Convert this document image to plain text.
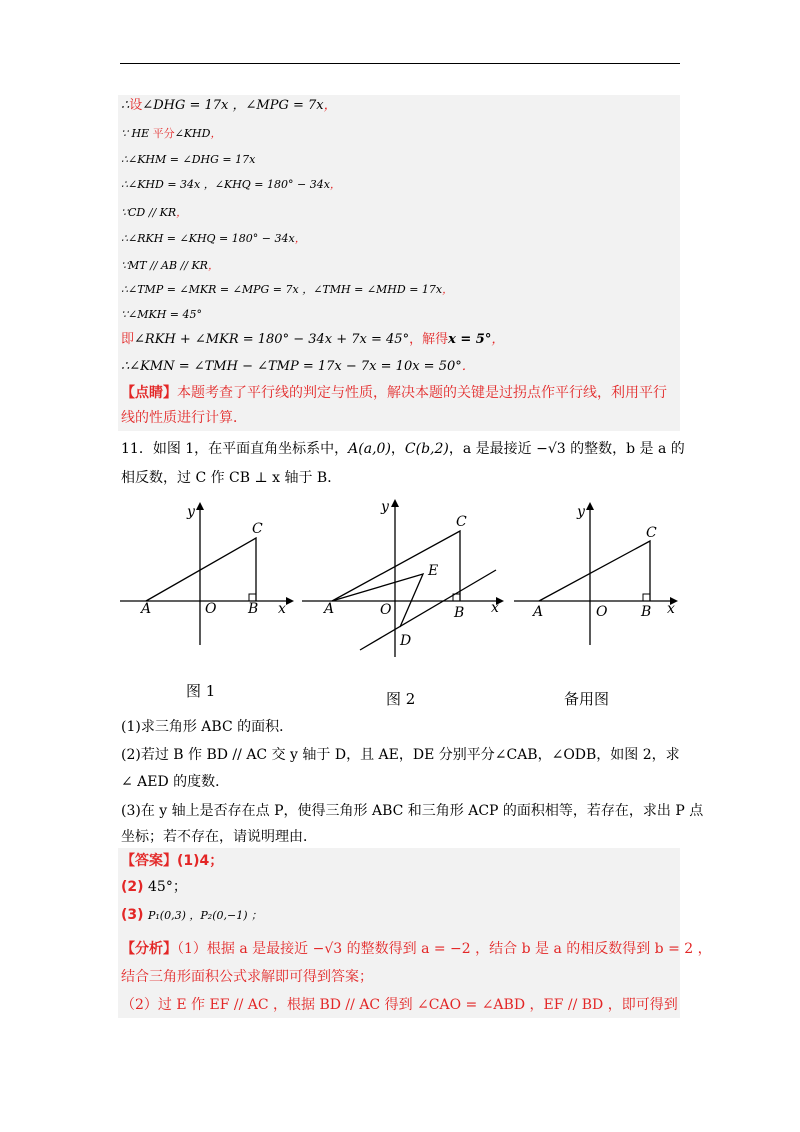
∴设∠DHG = 17x ，∠MPG = 7x，
∵ HE 平分∠KHD，
∴∠KHM = ∠DHG = 17x
∴∠KHD = 34x ，∠KHQ = 180° − 34x，
∵CD // KR，
∴∠RKH = ∠KHQ = 180° − 34x，
∵MT // AB // KR，
∴∠TMP = ∠MKR = ∠MPG = 7x ，∠TMH = ∠MHD = 17x，
∵∠MKH = 45°
即∠RKH + ∠MKR = 180° − 34x + 7x = 45°，解得x = 5°，
∴∠KMN = ∠TMH − ∠TMP = 17x − 7x = 10x = 50°．
【点睛】本题考查了平行线的判定与性质，解决本题的关键是过拐点作平行线，利用平行
线的性质进行计算．
11．如图 1，在平面直角坐标系中，A(a,0)，C(b,2)，a 是最接近 −√3 的整数，b 是 a 的
相反数，过 C 作 CB ⊥ x 轴于 B．
y
x
A	O B
C
图 1
y
x
A	O	B
C
E
D
图 2
y
x
A	O B
C
备用图
(1)求三角形 ABC 的面积．
(2)若过 B 作 BD // AC 交 y 轴于 D，且 AE，DE 分别平分∠CAB，∠ODB，如图 2，求
∠ AED 的度数．
(3)在 y 轴上是否存在点 P，使得三角形 ABC 和三角形 ACP 的面积相等，若存在，求出 P 点
坐标；若不存在，请说明理由．
【答案】(1)4；
(2) 45°；
(3) P₁(0,3) ，P₂(0,−1) ；
【分析】（1）根据 a 是最接近 −√3 的整数得到 a = −2 ，结合 b 是 a 的相反数得到 b = 2 ，
结合三角形面积公式求解即可得到答案；
（2）过 E 作 EF // AC ，根据 BD // AC 得到 ∠CAO = ∠ABD ，EF // BD ，即可得到
